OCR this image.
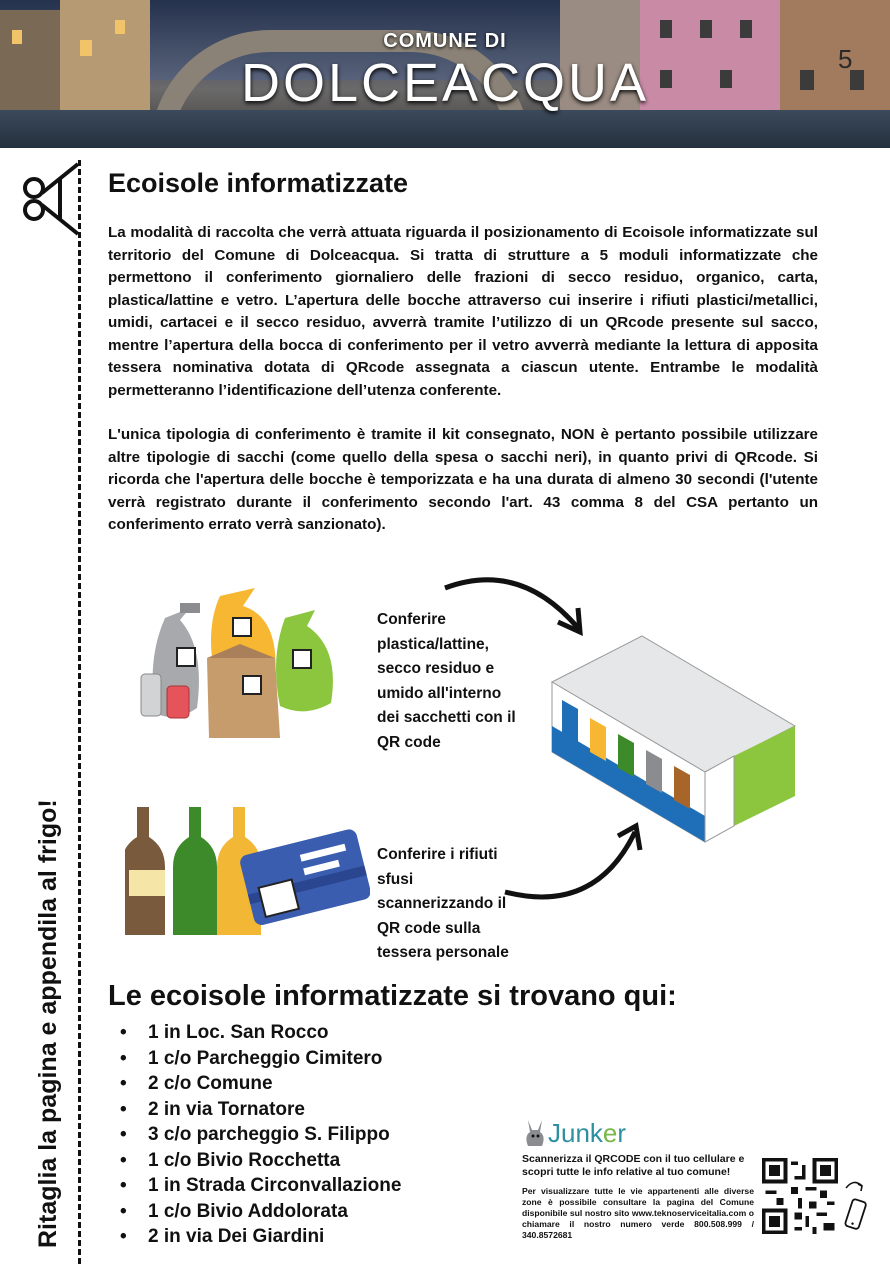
COMUNE DI
DOLCEACQUA	5
Ritaglia la pagina e appendila al frigo!
Ecoisole informatizzate

La modalità di raccolta che verrà attuata riguarda il posizionamento di Ecoisole informatizzate sul territorio del Comune di Dolceacqua. Si tratta di strutture a 5 moduli informatizzate che permettono il conferimento giornaliero delle frazioni di secco residuo, organico, carta, plastica/lattine e vetro. L’apertura delle bocche attraverso cui inserire i rifiuti plastici/metallici, umidi, cartacei e il secco residuo, avverrà tramite l’utilizzo di un QRcode presente sul sacco, mentre l’apertura della bocca di conferimento per il vetro avverrà mediante la lettura di apposita tessera nominativa dotata di QRcode assegnata a ciascun utente. Entrambe le modalità permetteranno l’identificazione dell’utenza conferente.

L'unica tipologia di conferimento è tramite il kit consegnato, NON è pertanto possibile utilizzare altre tipologie di sacchi (come quello della spesa o sacchi neri), in quanto privi di QRcode. Si ricorda che l'apertura delle bocche è temporizzata e ha una durata di almeno 30 secondi (l'utente verrà registrato durante il conferimento secondo l'art. 43 comma 8 del CSA pertanto un conferimento errato verrà sanzionato).

Conferire plastica/lattine, secco residuo e umido all'interno dei sacchetti con il QR code
Conferire i rifiuti sfusi scannerizzando il QR code sulla tessera personale
Le ecoisole informatizzate si trovano qui:
• 1 in Loc. San Rocco
• 1 c/o Parcheggio Cimitero
• 2 c/o Comune
• 2 in via Tornatore
• 3 c/o parcheggio S. Filippo
• 1 c/o Bivio Rocchetta
• 1 in Strada Circonvallazione
• 1 c/o Bivio Addolorata
• 2 in via Dei Giardini
Junker
Scannerizza il QRCODE con il tuo cellulare e scopri tutte le info relative al tuo comune!
Per visualizzare tutte le vie appartenenti alle diverse zone è possibile consultare la pagina del Comune disponibile sul nostro sito www.teknoserviceitalia.com o chiamare il nostro numero verde 800.508.999 / 340.8572681
